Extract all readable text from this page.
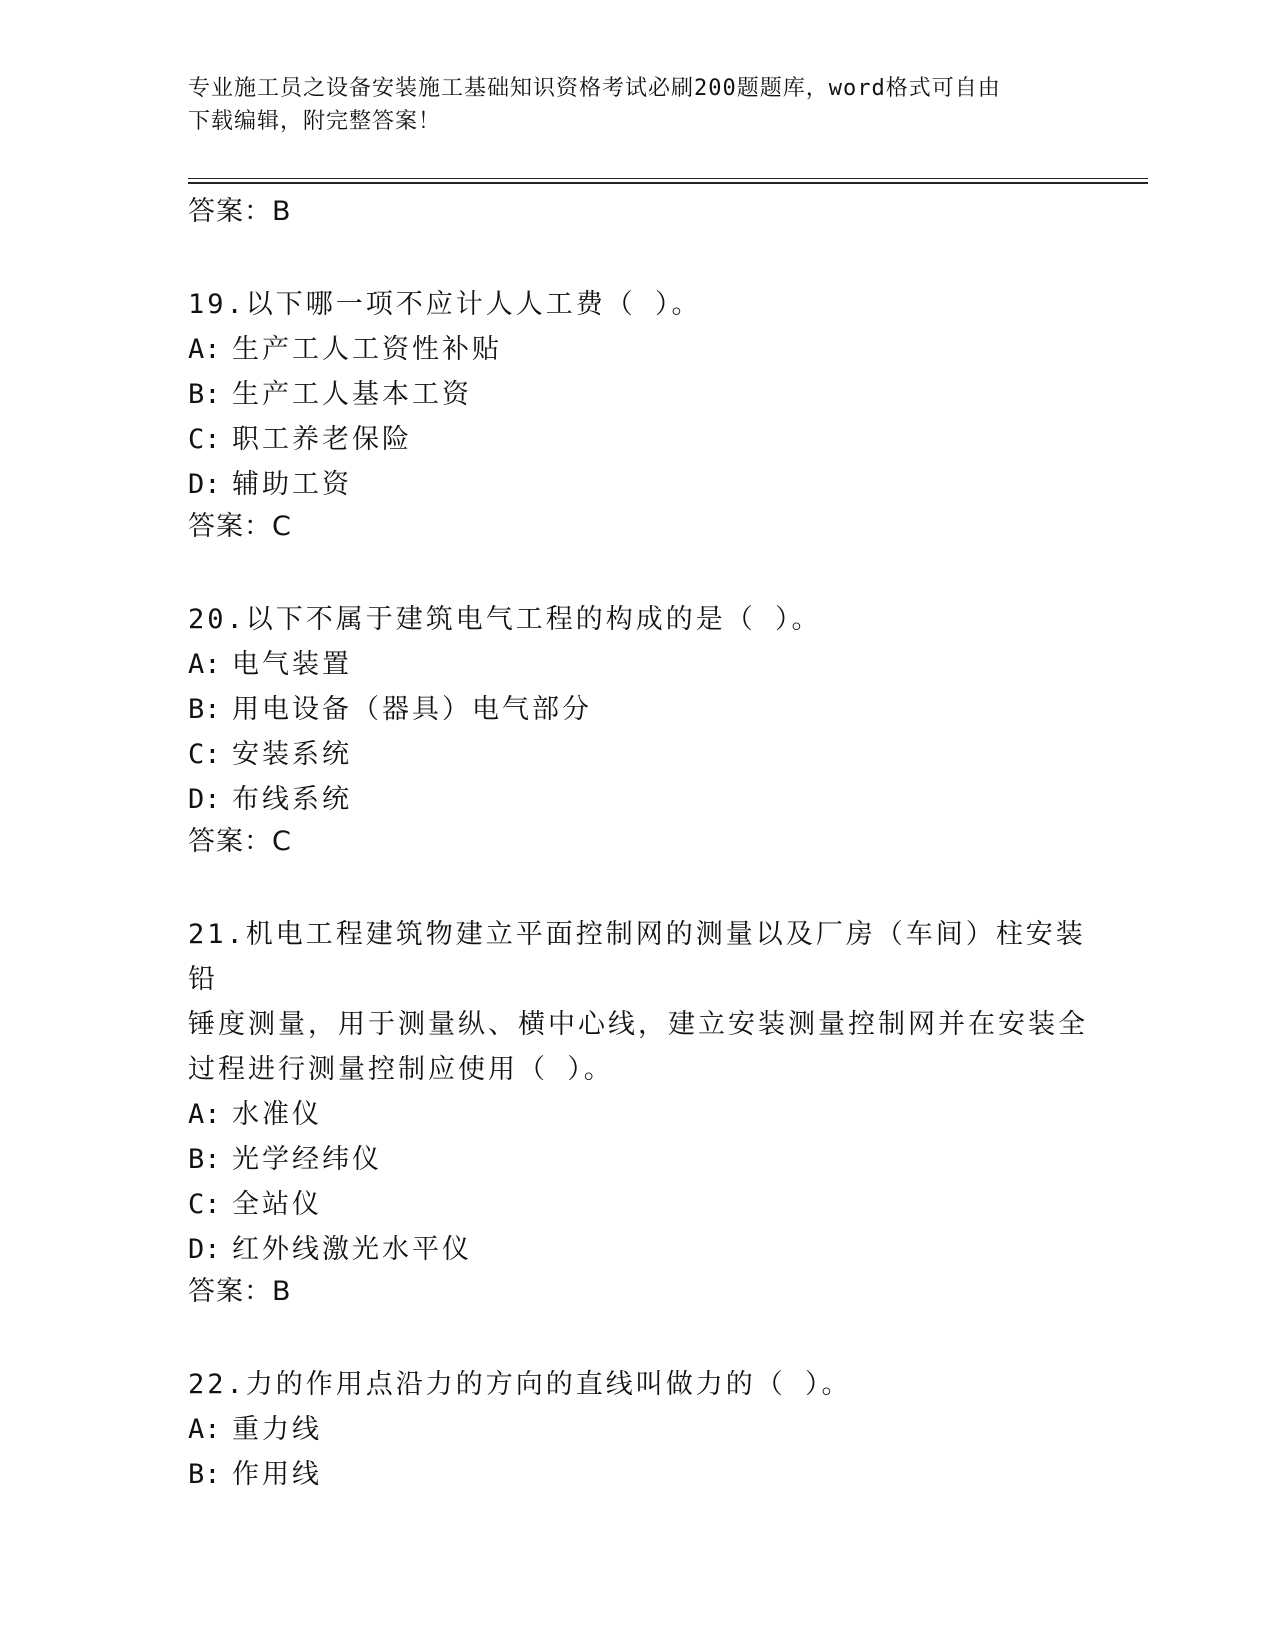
专业施工员之设备安装施工基础知识资格考试必刷200题题库，word格式可自由
下载编辑，附完整答案！

答案：B

19.以下哪一项不应计人人工费（ ）。

A: 生产工人工资性补贴

B: 生产工人基本工资

C: 职工养老保险

D: 辅助工资

答案：C

20.以下不属于建筑电气工程的构成的是（ ）。

A: 电气装置

B: 用电设备（器具）电气部分

C: 安装系统

D: 布线系统

答案：C

21.机电工程建筑物建立平面控制网的测量以及厂房（车间）柱安装铅

锤度测量，用于测量纵、横中心线，建立安装测量控制网并在安装全

过程进行测量控制应使用（ ）。

A: 水准仪

B: 光学经纬仪

C: 全站仪

D: 红外线激光水平仪

答案：B

22.力的作用点沿力的方向的直线叫做力的（ ）。

A: 重力线

B: 作用线
